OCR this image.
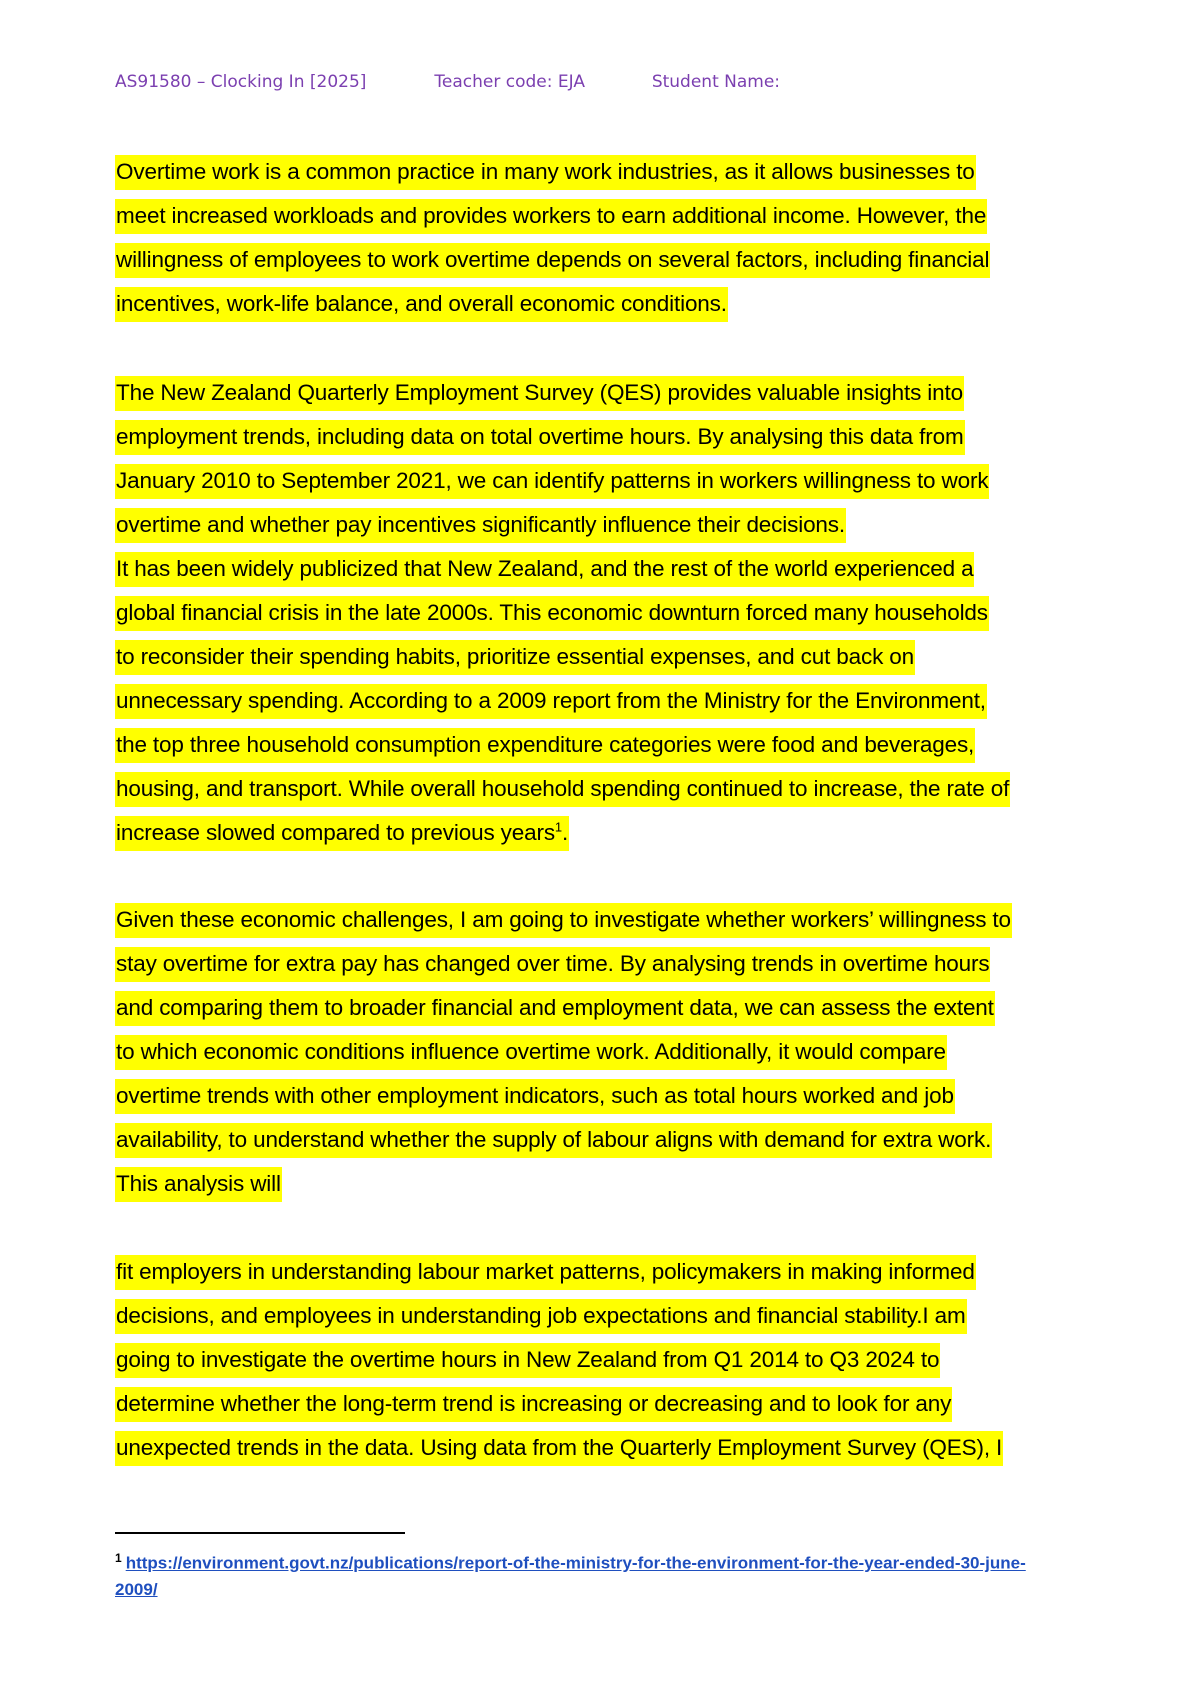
AS91580 – Clocking In [2025]	Teacher code: EJA	Student Name:
Overtime work is a common practice in many work industries, as it allows businesses to
meet increased workloads and provides workers to earn additional income. However, the
willingness of employees to work overtime depends on several factors, including financial
incentives, work-life balance, and overall economic conditions.
The New Zealand Quarterly Employment Survey (QES) provides valuable insights into
employment trends, including data on total overtime hours. By analysing this data from
January 2010 to September 2021, we can identify patterns in workers willingness to work
overtime and whether pay incentives significantly influence their decisions.
It has been widely publicized that New Zealand, and the rest of the world experienced a
global financial crisis in the late 2000s. This economic downturn forced many households
to reconsider their spending habits, prioritize essential expenses, and cut back on
unnecessary spending. According to a 2009 report from the Ministry for the Environment,
the top three household consumption expenditure categories were food and beverages,
housing, and transport. While overall household spending continued to increase, the rate of
increase slowed compared to previous years$^1$.
Given these economic challenges, I am going to investigate whether workers’ willingness to
stay overtime for extra pay has changed over time. By analysing trends in overtime hours
and comparing them to broader financial and employment data, we can assess the extent
to which economic conditions influence overtime work. Additionally, it would compare
overtime trends with other employment indicators, such as total hours worked and job
availability, to understand whether the supply of labour aligns with demand for extra work.
This analysis will
fit employers in understanding labour market patterns, policymakers in making informed
decisions, and employees in understanding job expectations and financial stability.I am
going to investigate the overtime hours in New Zealand from Q1 2014 to Q3 2024 to
determine whether the long-term trend is increasing or decreasing and to look for any
unexpected trends in the data. Using data from the Quarterly Employment Survey (QES), I
$^1$ https://environment.govt.nz/publications/report-of-the-ministry-for-the-environment-for-the-year-ended-30-june-
2009/
